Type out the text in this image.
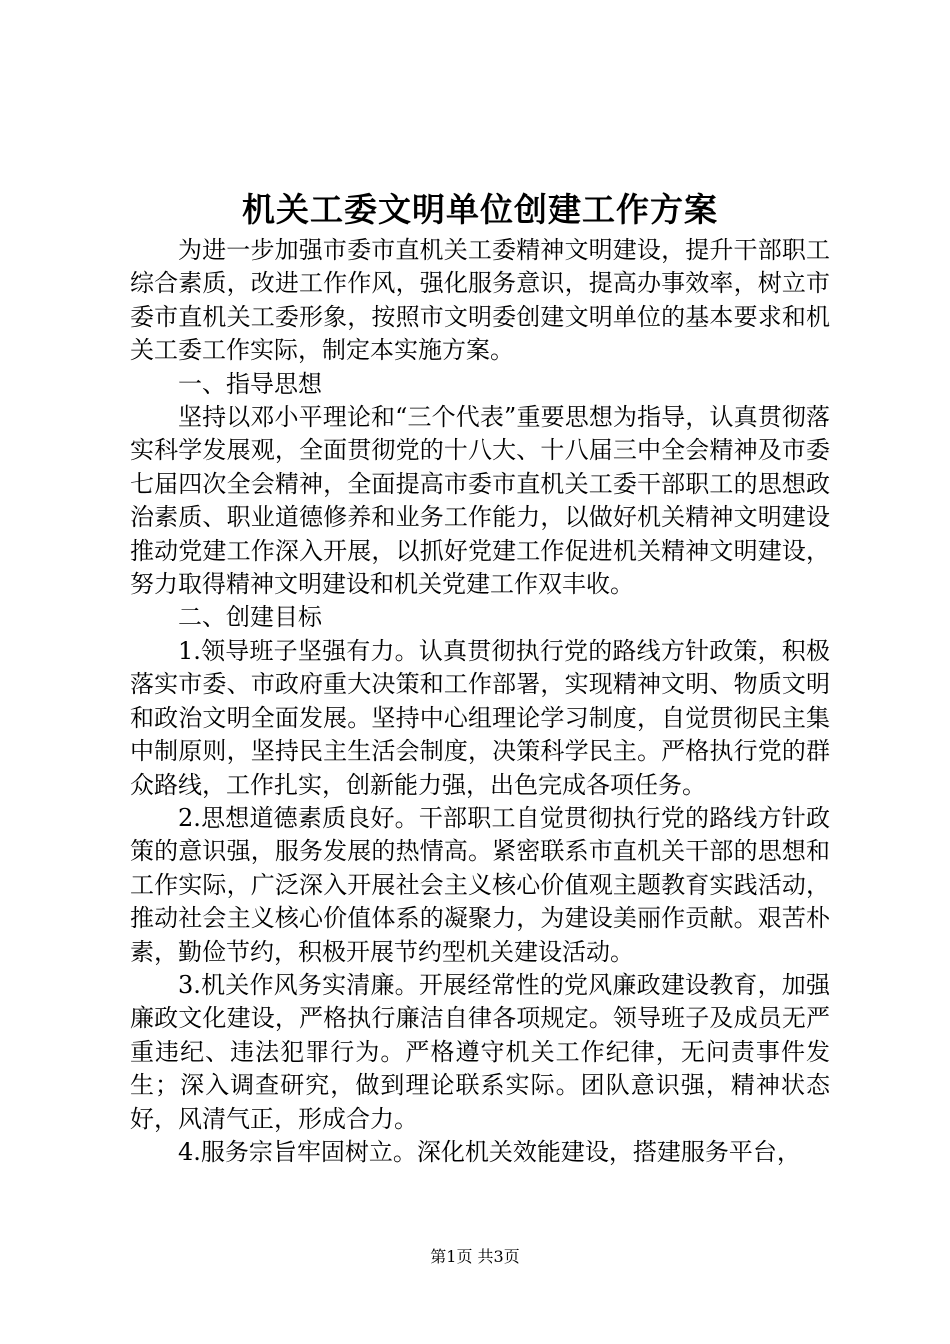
机关工委文明单位创建工作方案

为进一步加强市委市直机关工委精神文明建设，提升干部职工综合素质，改进工作作风，强化服务意识，提高办事效率，树立市委市直机关工委形象，按照市文明委创建文明单位的基本要求和机关工委工作实际，制定本实施方案。

一、指导思想

坚持以邓小平理论和“三个代表”重要思想为指导，认真贯彻落实科学发展观，全面贯彻党的十八大、十八届三中全会精神及市委七届四次全会精神，全面提高市委市直机关工委干部职工的思想政治素质、职业道德修养和业务工作能力，以做好机关精神文明建设推动党建工作深入开展，以抓好党建工作促进机关精神文明建设，努力取得精神文明建设和机关党建工作双丰收。

二、创建目标

1.领导班子坚强有力。认真贯彻执行党的路线方针政策，积极落实市委、市政府重大决策和工作部署，实现精神文明、物质文明和政治文明全面发展。坚持中心组理论学习制度，自觉贯彻民主集中制原则，坚持民主生活会制度，决策科学民主。严格执行党的群众路线，工作扎实，创新能力强，出色完成各项任务。

2.思想道德素质良好。干部职工自觉贯彻执行党的路线方针政策的意识强，服务发展的热情高。紧密联系市直机关干部的思想和工作实际，广泛深入开展社会主义核心价值观主题教育实践活动，推动社会主义核心价值体系的凝聚力，为建设美丽作贡献。艰苦朴素，勤俭节约，积极开展节约型机关建设活动。

3.机关作风务实清廉。开展经常性的党风廉政建设教育，加强廉政文化建设，严格执行廉洁自律各项规定。领导班子及成员无严重违纪、违法犯罪行为。严格遵守机关工作纪律，无问责事件发生；深入调查研究，做到理论联系实际。团队意识强，精神状态好，风清气正，形成合力。

4.服务宗旨牢固树立。深化机关效能建设，搭建服务平台，

第1页 共3页
